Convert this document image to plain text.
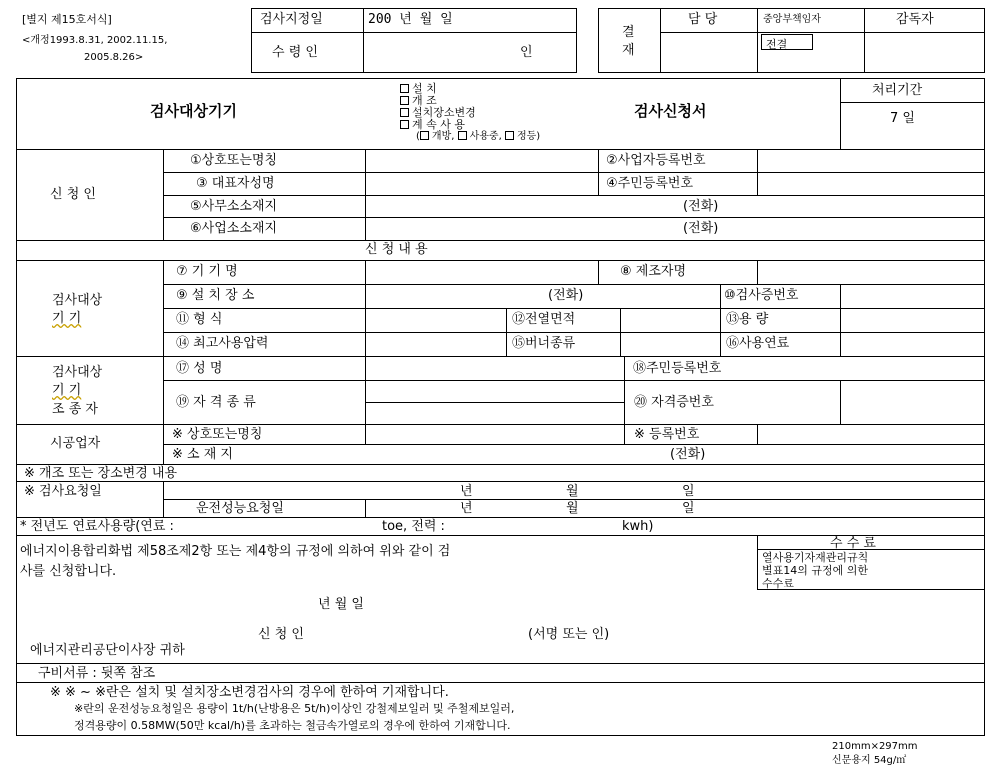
[별지 제15호서식]
<개정1993.8.31, 2002.11.15,
2005.8.26>
검사지정일	200 년 월 일
수 령 인	인
결
재
담 당	중앙부책임자	감독자
전결
검사대상기기
설 치
개 조
설치장소변경
계 속 사 용
( 개방, 사용중, 정등)
검사신청서
처리기간
7 일
신 청 인
①상호또는명칭	②사업자등록번호
③ 대표자성명	④주민등록번호
⑤사무소소재지	(전화)
⑥사업소소재지	(전화)
신 청 내 용
검사대상
기 기
⑦ 기 기 명	⑧ 제조자명
⑨ 설 치 장 소	(전화)	⑩검사증번호
⑪ 형 식	⑫전열면적	⑬용 량
⑭ 최고사용압력	⑮버너종류	⑯사용연료
검사대상
기 기
조 종 자
⑰ 성 명	⑱주민등록번호
⑲ 자 격 종 류	⑳ 자격증번호
시공업자
※ 상호또는명칭	※ 등록번호
※ 소 재 지	(전화)
※ 개조 또는 장소변경 내용
※ 검사요청일	년	월	일
운전성능요청일	년	월	일
* 전년도 연료사용량(연료 :	toe, 전력 :	kwh)
수 수 료
열사용기자재관리규칙
별표14의 규정에 의한
수수료
에너지이용합리화법 제58조제2항 또는 제4항의 규정에 의하여 위와 같이 검
사를 신청합니다.
년 월 일
신 청 인	(서명 또는 인)
에너지관리공단이사장 귀하
구비서류 : 뒷쪽 참조
※ ※ ~ ※란은 설치 및 설치장소변경검사의 경우에 한하여 기재합니다.
※란의 운전성능요청일은 용량이 1t/h(난방용은 5t/h)이상인 강철제보일러 및 주철제보일러,
정격용량이 0.58MW(50만 kcal/h)를 초과하는 철금속가열로의 경우에 한하여 기재합니다.
210mm×297mm
신문용지 54g/㎡
